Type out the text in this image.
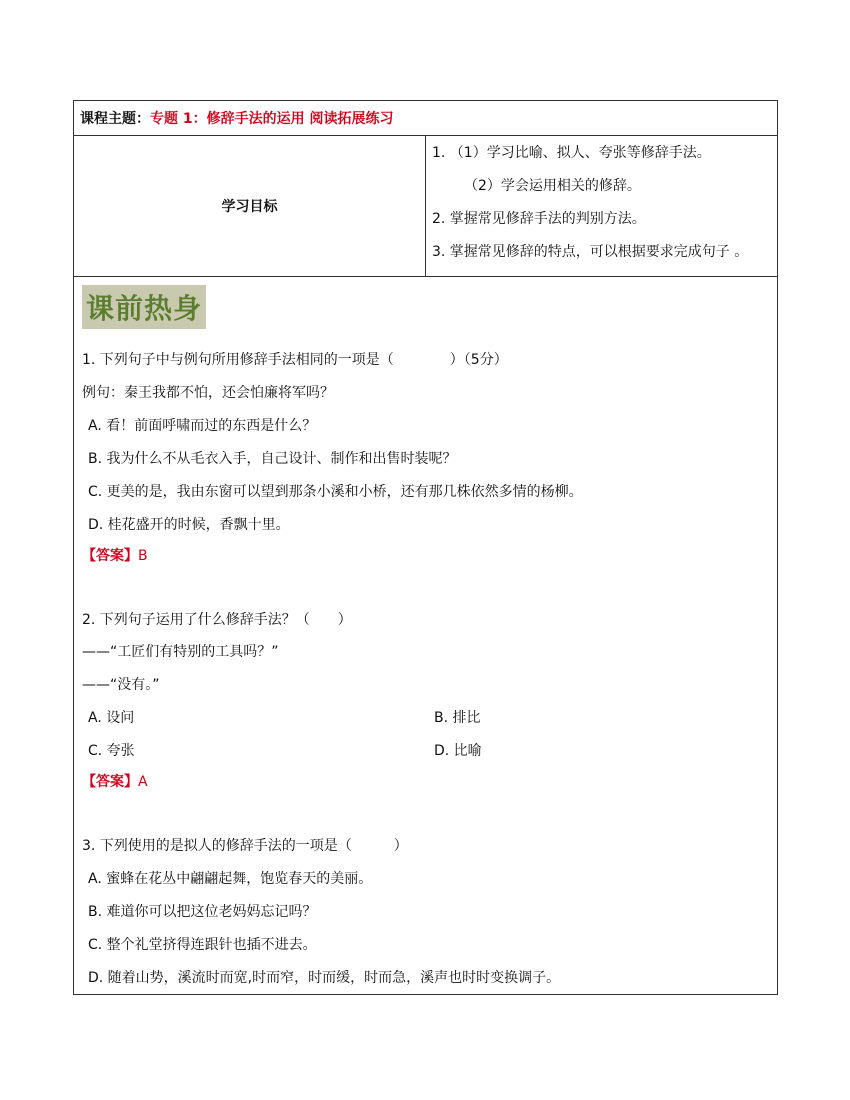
课程主题：专题 1：修辞手法的运用 阅读拓展练习
学习目标	
1. （1）学习比喻、拟人、夸张等修辞手法。
（2）学会运用相关的修辞。
2. 掌握常见修辞手法的判别方法。
3. 掌握常见修辞的特点，可以根据要求完成句子 。
课前热身
1. 下列句子中与例句所用修辞手法相同的一项是（　　　　）（5分）
例句：秦王我都不怕，还会怕廉将军吗？
A. 看！前面呼啸而过的东西是什么？
B. 我为什么不从毛衣入手，自己设计、制作和出售时装呢？
C. 更美的是，我由东窗可以望到那条小溪和小桥，还有那几株依然多情的杨柳。
D. 桂花盛开的时候，香飘十里。
【答案】B
2. 下列句子运用了什么修辞手法？（　　）
——“工匠们有特别的工具吗？”
——“没有。”
A. 设问	B. 排比
C. 夸张	D. 比喻
【答案】A
3. 下列使用的是拟人的修辞手法的一项是（　　　）
A. 蜜蜂在花丛中翩翩起舞，饱览春天的美丽。
B. 难道你可以把这位老妈妈忘记吗？
C. 整个礼堂挤得连跟针也插不进去。
D. 随着山势，溪流时而宽,时而窄，时而缓，时而急，溪声也时时变换调子。
